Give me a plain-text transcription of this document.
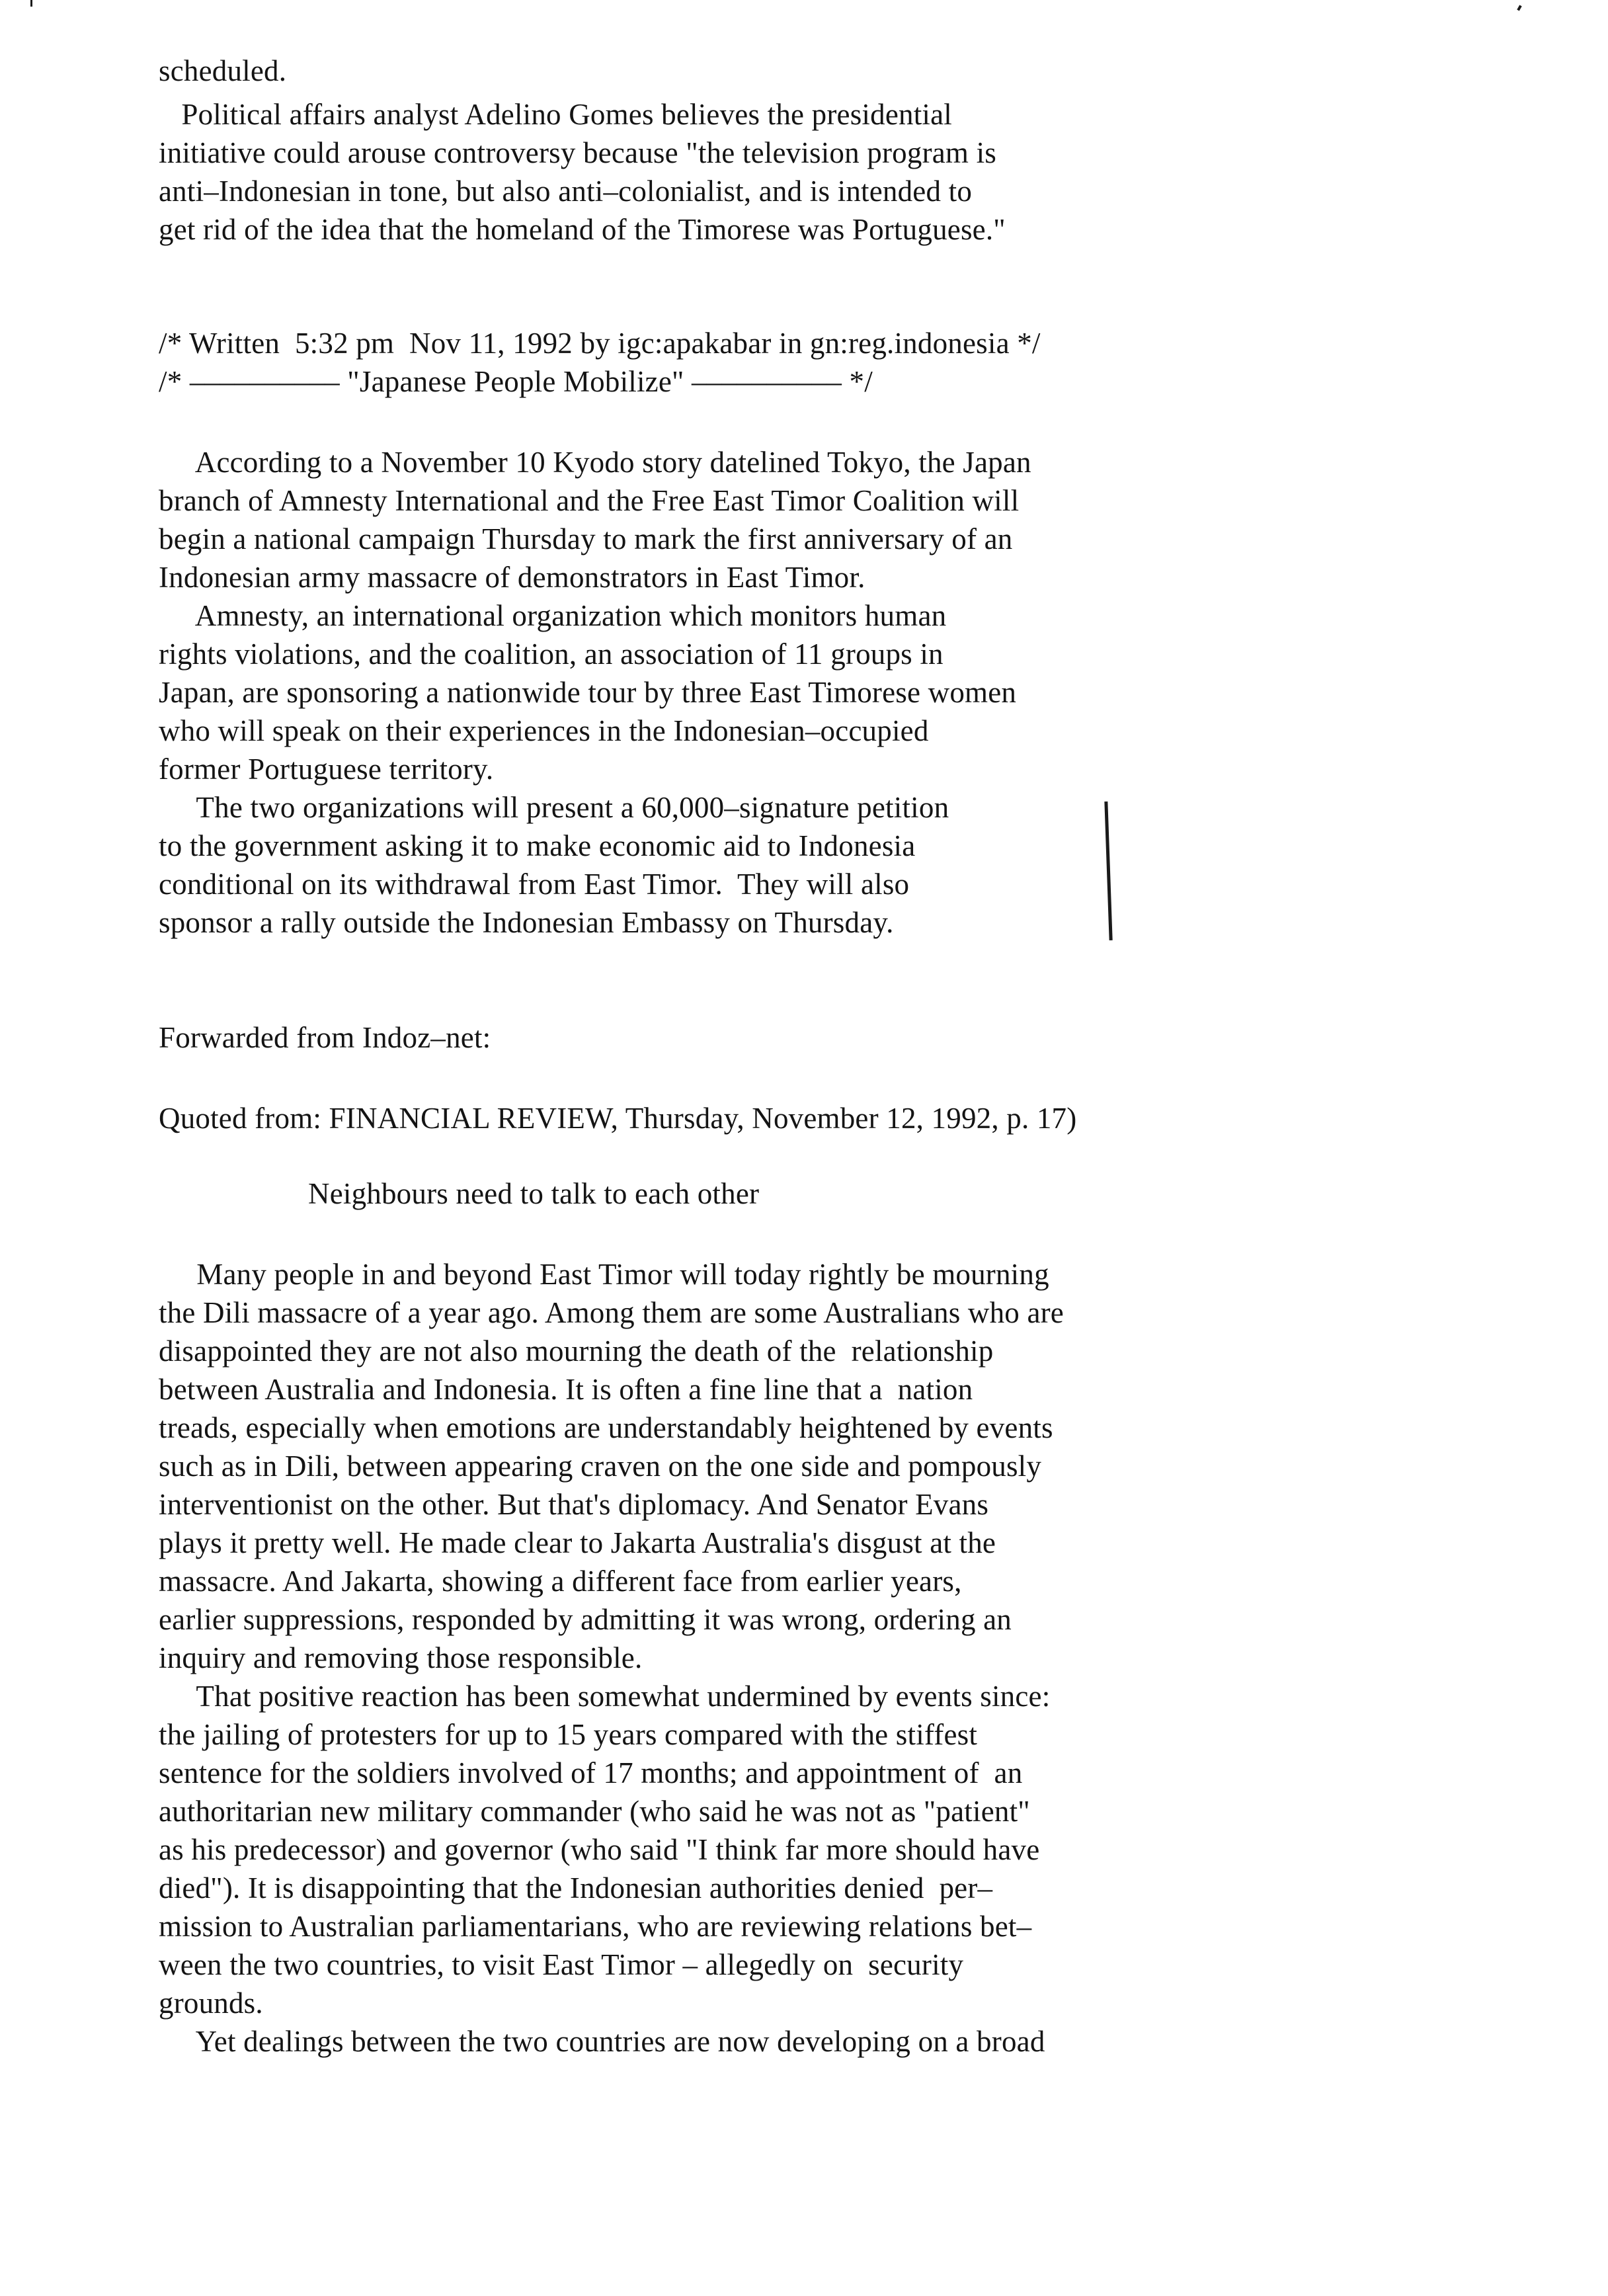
scheduled.
Political affairs analyst Adelino Gomes believes the presidential
initiative could arouse controversy because "the television program is
anti–Indonesian in tone, but also anti–colonialist, and is intended to
get rid of the idea that the homeland of the Timorese was Portuguese."
/* Written  5:32 pm  Nov 11, 1992 by igc:apakabar in gn:reg.indonesia */
/* –––––––––– "Japanese People Mobilize" –––––––––– */
According to a November 10 Kyodo story datelined Tokyo, the Japan
branch of Amnesty International and the Free East Timor Coalition will
begin a national campaign Thursday to mark the first anniversary of an
Indonesian army massacre of demonstrators in East Timor.
Amnesty, an international organization which monitors human
rights violations, and the coalition, an association of 11 groups in
Japan, are sponsoring a nationwide tour by three East Timorese women
who will speak on their experiences in the Indonesian–occupied
former Portuguese territory.
The two organizations will present a 60,000–signature petition
to the government asking it to make economic aid to Indonesia
conditional on its withdrawal from East Timor.  They will also
sponsor a rally outside the Indonesian Embassy on Thursday.
Forwarded from Indoz–net:
Quoted from: FINANCIAL REVIEW, Thursday, November 12, 1992, p. 17)
Neighbours need to talk to each other
Many people in and beyond East Timor will today rightly be mourning
the Dili massacre of a year ago. Among them are some Australians who are
disappointed they are not also mourning the death of the  relationship
between Australia and Indonesia. It is often a fine line that a  nation
treads, especially when emotions are understandably heightened by events
such as in Dili, between appearing craven on the one side and pompously
interventionist on the other. But that's diplomacy. And Senator Evans
plays it pretty well. He made clear to Jakarta Australia's disgust at the
massacre. And Jakarta, showing a different face from earlier years,
earlier suppressions, responded by admitting it was wrong, ordering an
inquiry and removing those responsible.
That positive reaction has been somewhat undermined by events since:
the jailing of protesters for up to 15 years compared with the stiffest
sentence for the soldiers involved of 17 months; and appointment of  an
authoritarian new military commander (who said he was not as "patient"
as his predecessor) and governor (who said "I think far more should have
died"). It is disappointing that the Indonesian authorities denied  per–
mission to Australian parliamentarians, who are reviewing relations bet–
ween the two countries, to visit East Timor – allegedly on  security
grounds.
Yet dealings between the two countries are now developing on a broad
